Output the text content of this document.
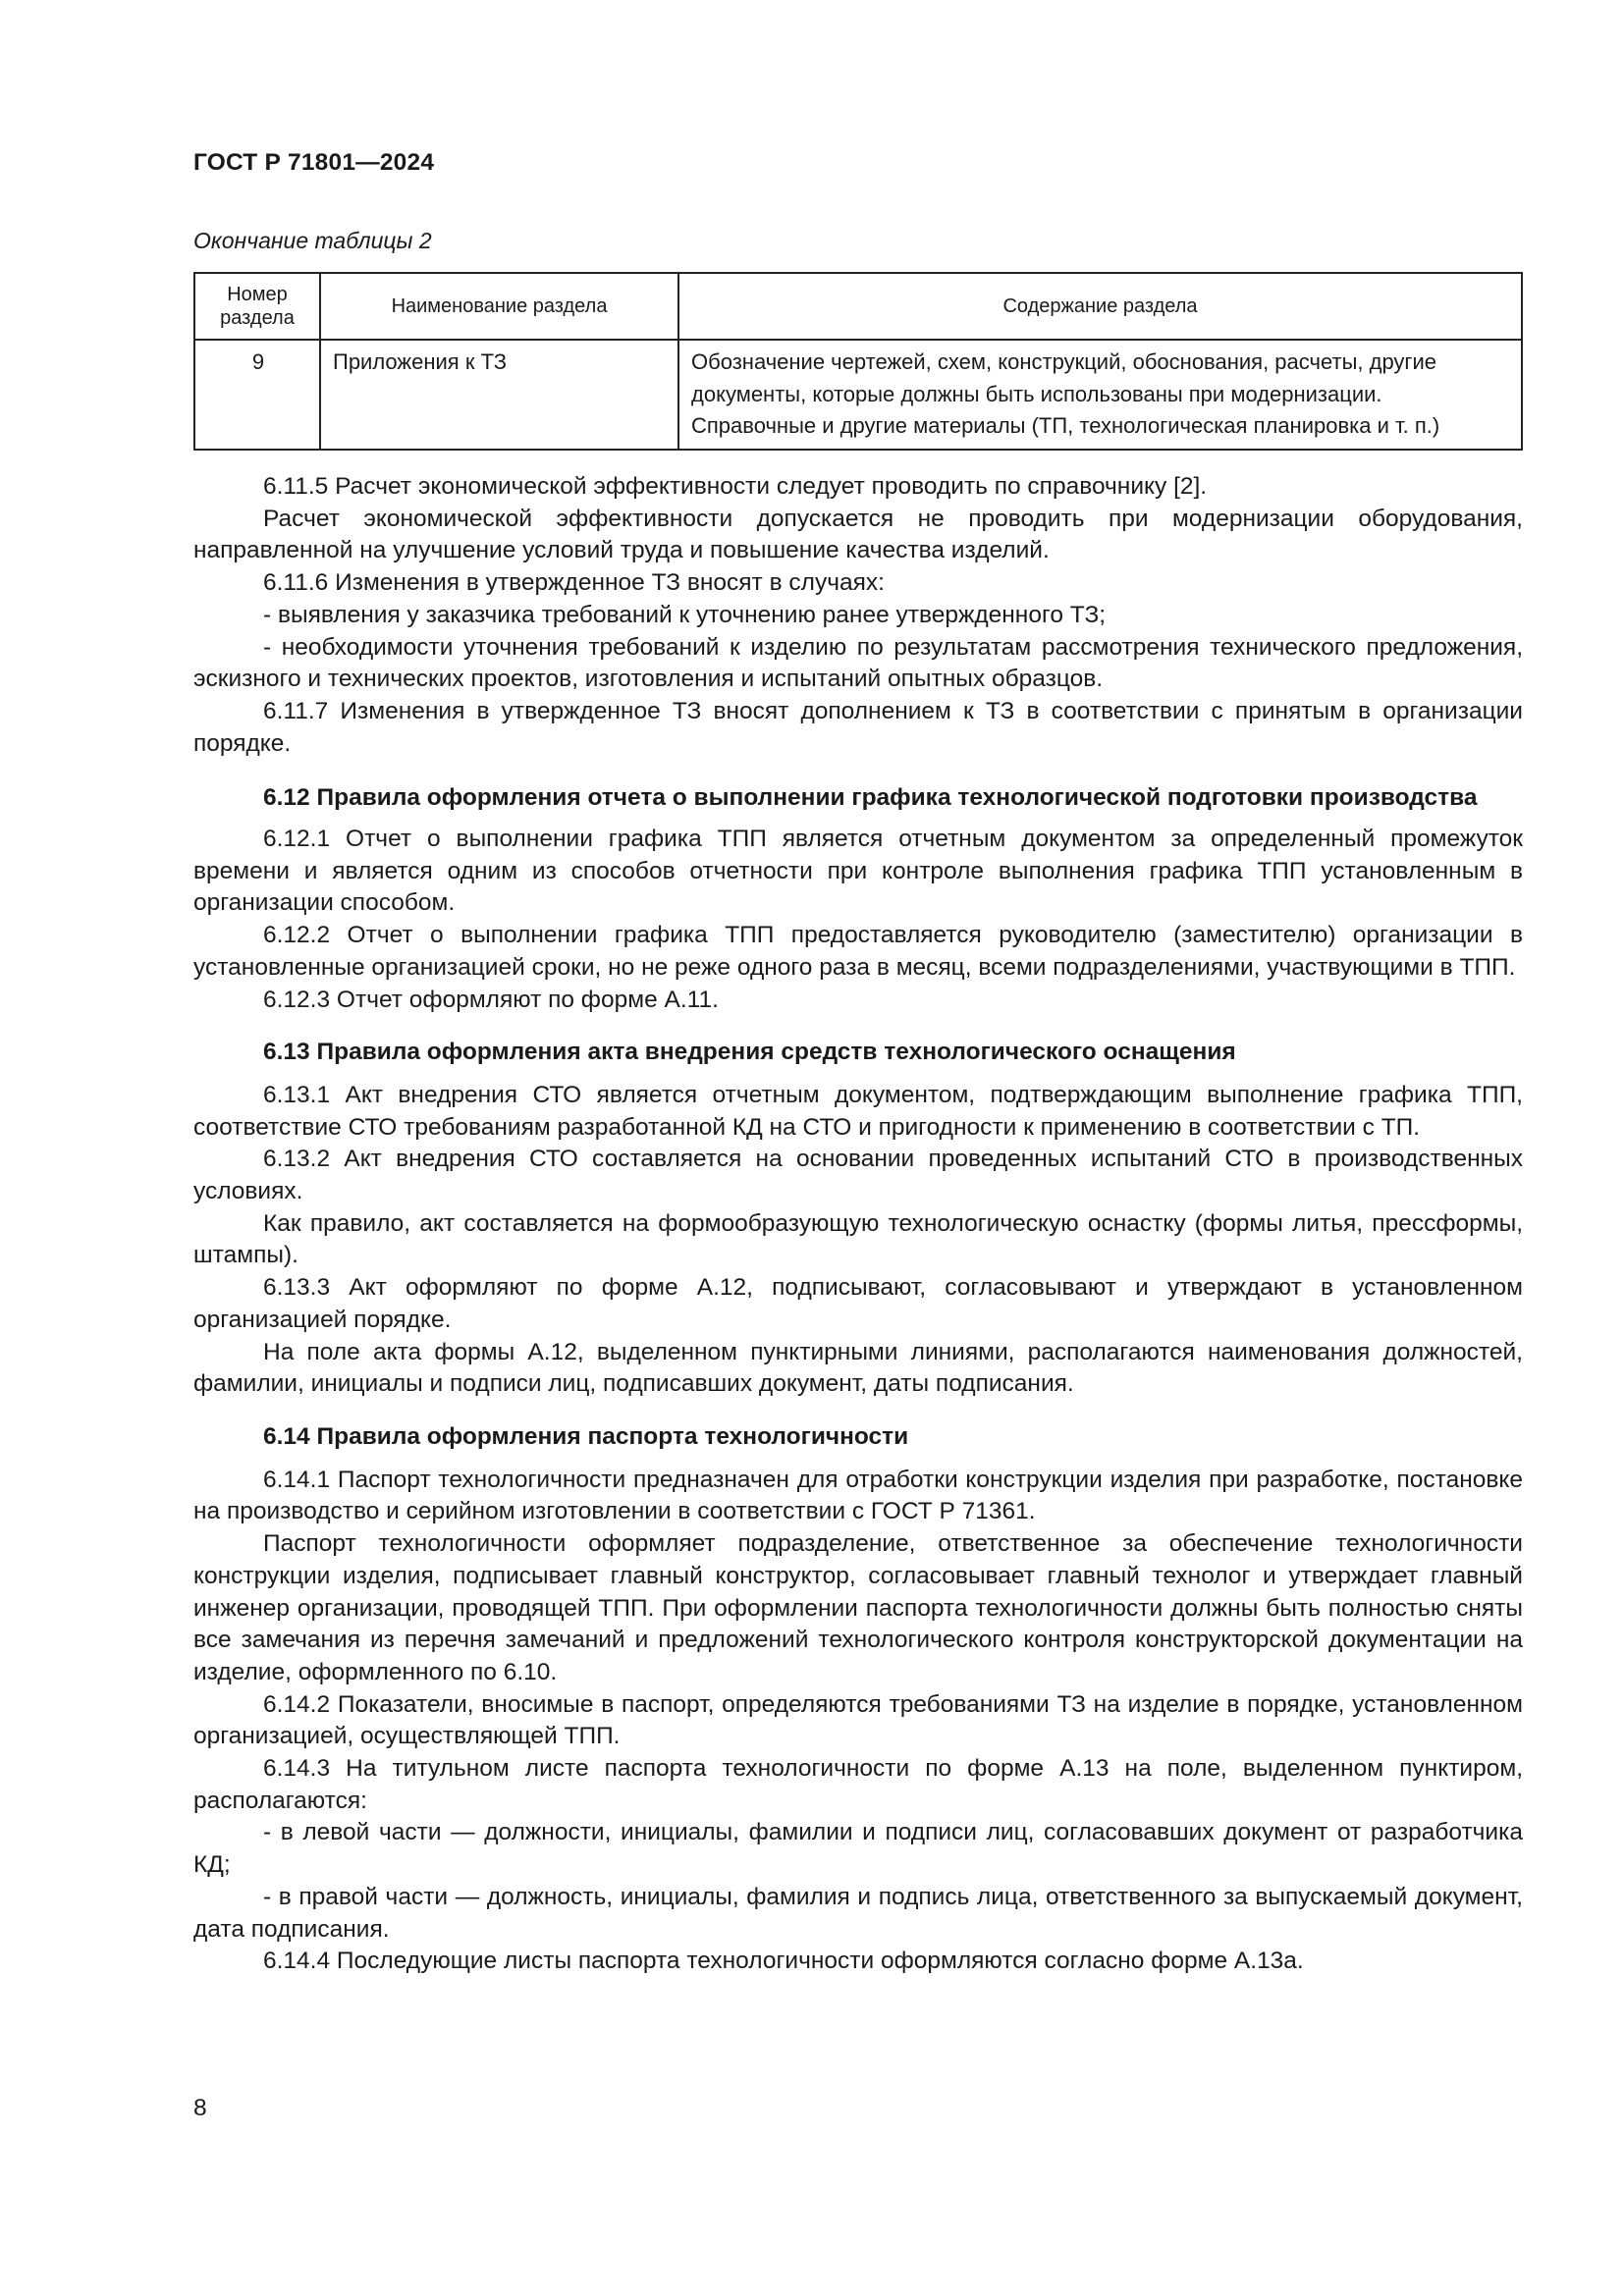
ГОСТ Р 71801—2024
Окончание таблицы 2
Номер раздела	Наименование раздела	Содержание раздела
9	Приложения к ТЗ	Обозначение чертежей, схем, конструкций, обоснования, расчеты, другие документы, которые должны быть использованы при модернизации. Справочные и другие материалы (ТП, технологическая планировка и т. п.)

6.11.5 Расчет экономической эффективности следует проводить по справочнику [2].

Расчет экономической эффективности допускается не проводить при модернизации оборудования, направленной на улучшение условий труда и повышение качества изделий.

6.11.6 Изменения в утвержденное ТЗ вносят в случаях:

- выявления у заказчика требований к уточнению ранее утвержденного ТЗ;

- необходимости уточнения требований к изделию по результатам рассмотрения технического предложения, эскизного и технических проектов, изготовления и испытаний опытных образцов.

6.11.7 Изменения в утвержденное ТЗ вносят дополнением к ТЗ в соответствии с принятым в организации порядке.

6.12 Правила оформления отчета о выполнении графика технологической подготовки производства

6.12.1 Отчет о выполнении графика ТПП является отчетным документом за определенный промежуток времени и является одним из способов отчетности при контроле выполнения графика ТПП установленным в организации способом.

6.12.2 Отчет о выполнении графика ТПП предоставляется руководителю (заместителю) организации в установленные организацией сроки, но не реже одного раза в месяц, всеми подразделениями, участвующими в ТПП.

6.12.3 Отчет оформляют по форме А.11.

6.13 Правила оформления акта внедрения средств технологического оснащения

6.13.1 Акт внедрения СТО является отчетным документом, подтверждающим выполнение графика ТПП, соответствие СТО требованиям разработанной КД на СТО и пригодности к применению в соответствии с ТП.

6.13.2 Акт внедрения СТО составляется на основании проведенных испытаний СТО в производственных условиях.

Как правило, акт составляется на формообразующую технологическую оснастку (формы литья, прессформы, штампы).

6.13.3 Акт оформляют по форме А.12, подписывают, согласовывают и утверждают в установленном организацией порядке.

На поле акта формы А.12, выделенном пунктирными линиями, располагаются наименования должностей, фамилии, инициалы и подписи лиц, подписавших документ, даты подписания.

6.14 Правила оформления паспорта технологичности

6.14.1 Паспорт технологичности предназначен для отработки конструкции изделия при разработке, постановке на производство и серийном изготовлении в соответствии с ГОСТ Р 71361.

Паспорт технологичности оформляет подразделение, ответственное за обеспечение технологичности конструкции изделия, подписывает главный конструктор, согласовывает главный технолог и утверждает главный инженер организации, проводящей ТПП. При оформлении паспорта технологичности должны быть полностью сняты все замечания из перечня замечаний и предложений технологического контроля конструкторской документации на изделие, оформленного по 6.10.

6.14.2 Показатели, вносимые в паспорт, определяются требованиями ТЗ на изделие в порядке, установленном организацией, осуществляющей ТПП.

6.14.3 На титульном листе паспорта технологичности по форме А.13 на поле, выделенном пунктиром, располагаются:

- в левой части — должности, инициалы, фамилии и подписи лиц, согласовавших документ от разработчика КД;

- в правой части — должность, инициалы, фамилия и подпись лица, ответственного за выпускаемый документ, дата подписания.

6.14.4 Последующие листы паспорта технологичности оформляются согласно форме А.13а.

8
